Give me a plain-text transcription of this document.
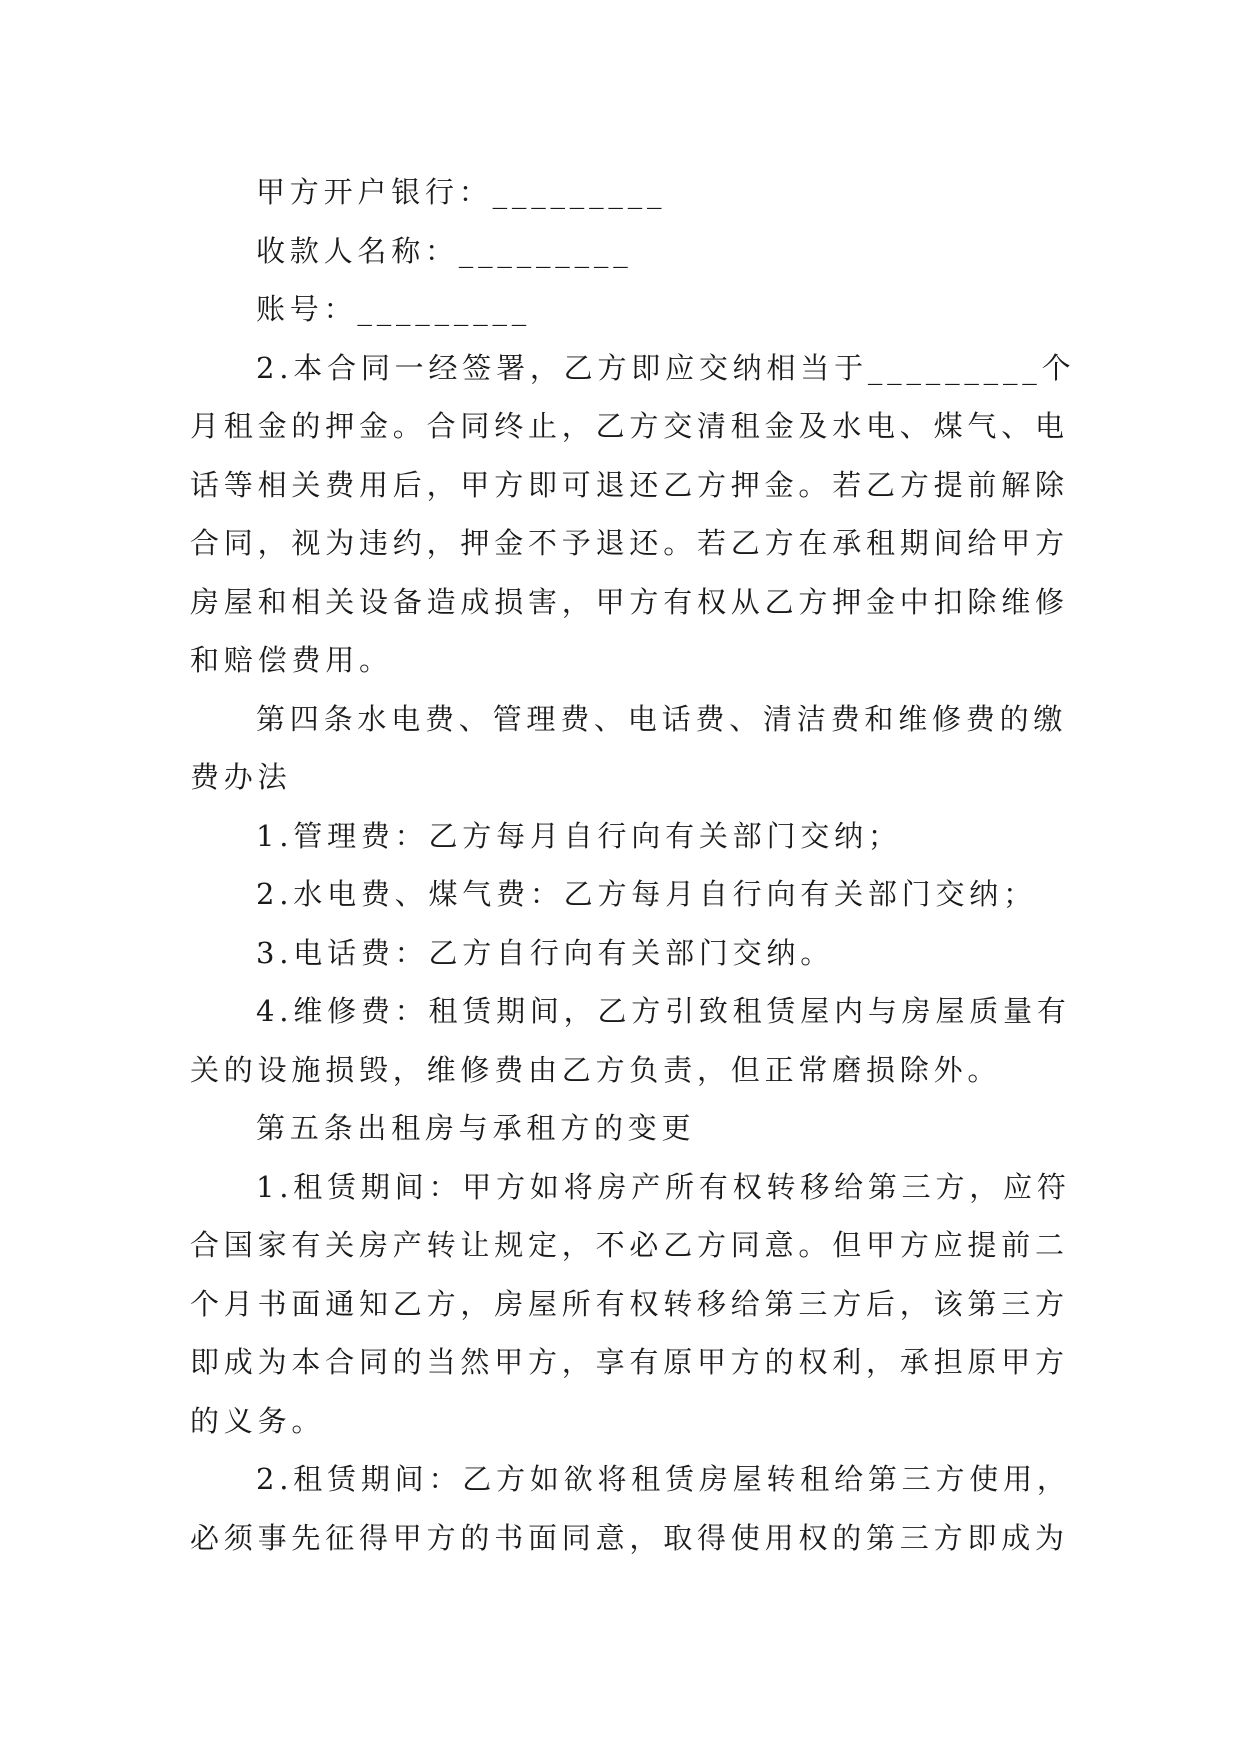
甲方开户银行：_________
收款人名称：_________
账号：_________
2.本合同一经签署，乙方即应交纳相当于_________个
月租金的押金。合同终止，乙方交清租金及水电、煤气、电
话等相关费用后，甲方即可退还乙方押金。若乙方提前解除
合同，视为违约，押金不予退还。若乙方在承租期间给甲方
房屋和相关设备造成损害，甲方有权从乙方押金中扣除维修
和赔偿费用。
第四条水电费、管理费、电话费、清洁费和维修费的缴
费办法
1.管理费：乙方每月自行向有关部门交纳；
2.水电费、煤气费：乙方每月自行向有关部门交纳；
3.电话费：乙方自行向有关部门交纳。
4.维修费：租赁期间，乙方引致租赁屋内与房屋质量有
关的设施损毁，维修费由乙方负责，但正常磨损除外。
第五条出租房与承租方的变更
1.租赁期间：甲方如将房产所有权转移给第三方，应符
合国家有关房产转让规定，不必乙方同意。但甲方应提前二
个月书面通知乙方，房屋所有权转移给第三方后，该第三方
即成为本合同的当然甲方，享有原甲方的权利，承担原甲方
的义务。
2.租赁期间：乙方如欲将租赁房屋转租给第三方使用，
必须事先征得甲方的书面同意，取得使用权的第三方即成为
